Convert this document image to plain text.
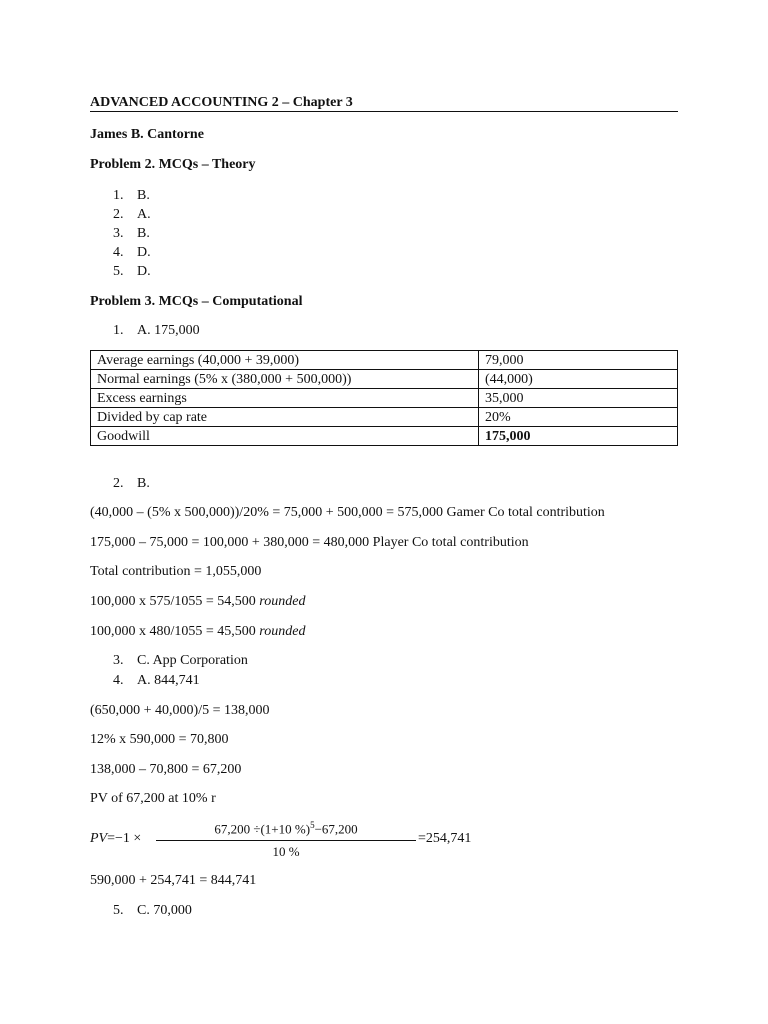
ADVANCED ACCOUNTING 2 – Chapter 3
James B. Cantorne
Problem 2. MCQs – Theory
1. B.
2. A.
3. B.
4. D.
5. D.
Problem 3. MCQs – Computational
1. A. 175,000
Average earnings (40,000 + 39,000)	79,000
Normal earnings (5% x (380,000 + 500,000))	(44,000)
Excess earnings	35,000
Divided by cap rate	20%
Goodwill	175,000
2. B.
(40,000 – (5% x 500,000))/20% = 75,000 + 500,000 = 575,000 Gamer Co total contribution
175,000 – 75,000 = 100,000 + 380,000 = 480,000 Player Co total contribution
Total contribution = 1,055,000
100,000 x 575/1055 = 54,500 rounded
100,000 x 480/1055 = 45,500 rounded
3. C. App Corporation
4. A. 844,741
(650,000 + 40,000)/5 = 138,000
12% x 590,000 = 70,800
138,000 – 70,800 = 67,200
PV of 67,200 at 10% r
PV=−1 ×
67,200 ÷(1+10 %)$^5$−67,200
10 %
=254,741
590,000 + 254,741 = 844,741
5. C. 70,000
